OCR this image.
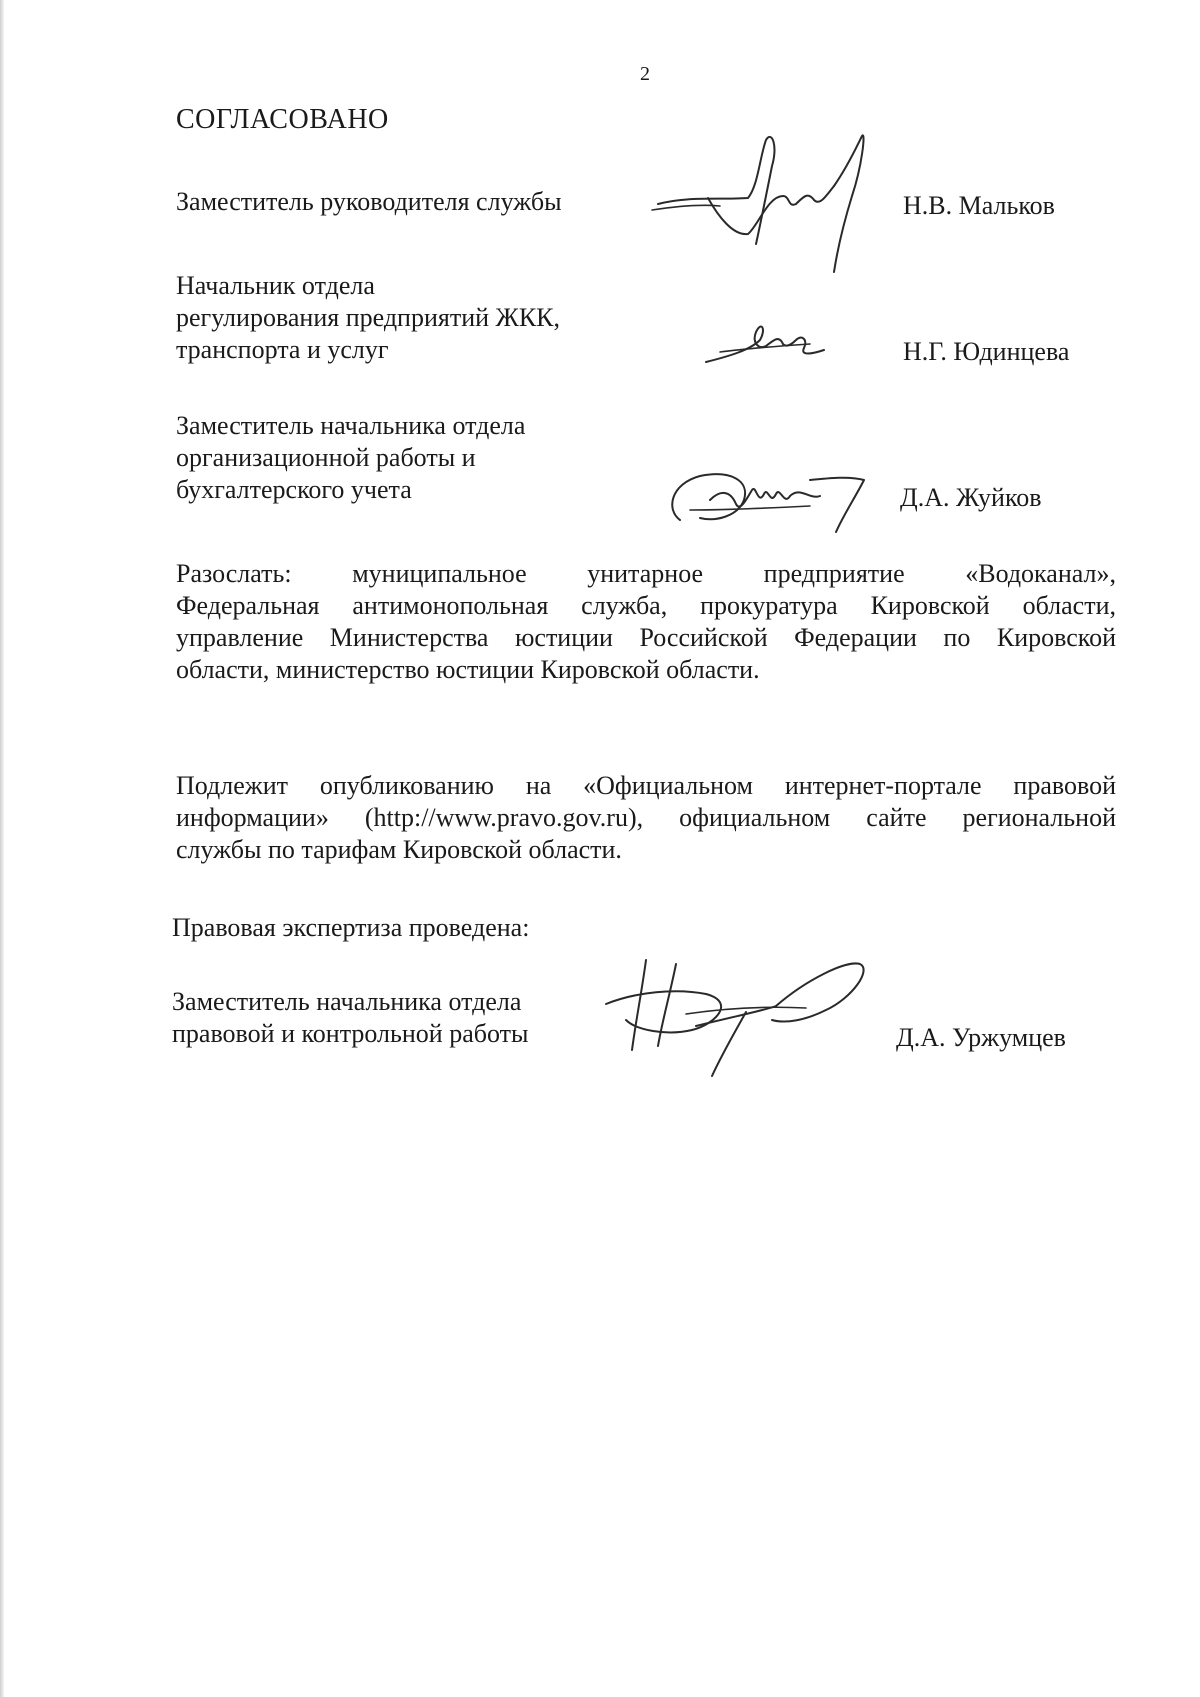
2
СОГЛАСОВАНО
Заместитель руководителя службы	Н.В. Мальков
Начальник отдела
регулирования предприятий ЖКК,
транспорта и услуг	Н.Г. Юдинцева
Заместитель начальника отдела
организационной работы и
бухгалтерского учета	Д.А. Жуйков
Разослать: муниципальное унитарное предприятие «Водоканал»,
Федеральная антимонопольная служба, прокуратура Кировской области,
управление Министерства юстиции Российской Федерации по Кировской
области, министерство юстиции Кировской области.
Подлежит опубликованию на «Официальном интернет-портале правовой
информации» (http://www.pravo.gov.ru), официальном сайте региональной
службы по тарифам Кировской области.
Правовая экспертиза проведена:
Заместитель начальника отдела
правовой и контрольной работы	Д.А. Уржумцев
